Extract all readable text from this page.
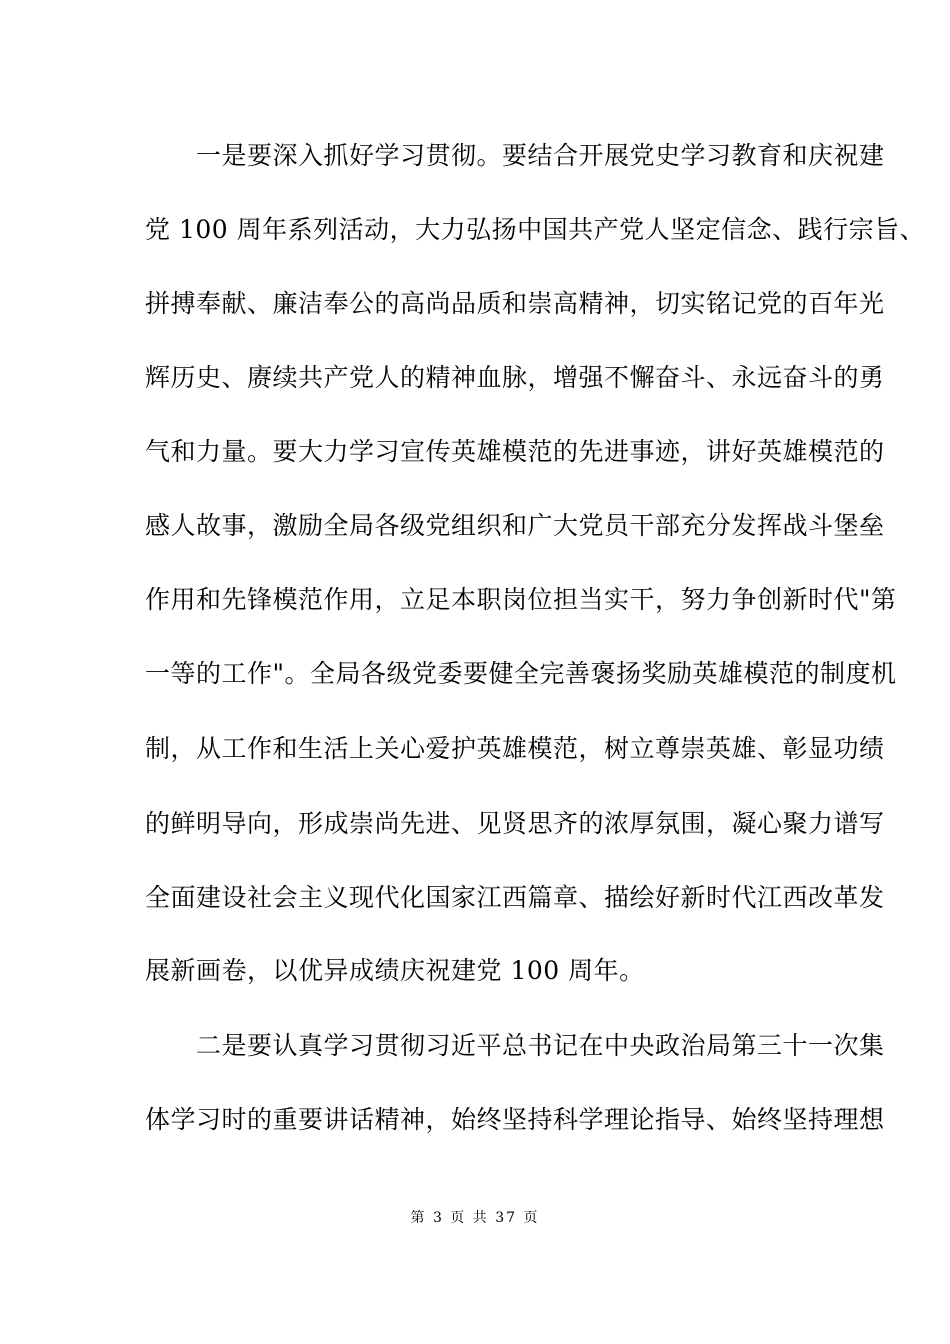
　　一是要深入抓好学习贯彻。要结合开展党史学习教育和庆祝建
党 100 周年系列活动，大力弘扬中国共产党人坚定信念、践行宗旨、
拼搏奉献、廉洁奉公的高尚品质和崇高精神，切实铭记党的百年光
辉历史、赓续共产党人的精神血脉，增强不懈奋斗、永远奋斗的勇
气和力量。要大力学习宣传英雄模范的先进事迹，讲好英雄模范的
感人故事，激励全局各级党组织和广大党员干部充分发挥战斗堡垒
作用和先锋模范作用，立足本职岗位担当实干，努力争创新时代"第
一等的工作"。全局各级党委要健全完善褒扬奖励英雄模范的制度机
制，从工作和生活上关心爱护英雄模范，树立尊崇英雄、彰显功绩
的鲜明导向，形成崇尚先进、见贤思齐的浓厚氛围，凝心聚力谱写
全面建设社会主义现代化国家江西篇章、描绘好新时代江西改革发
展新画卷，以优异成绩庆祝建党 100 周年。
　　二是要认真学习贯彻习近平总书记在中央政治局第三十一次集
体学习时的重要讲话精神，始终坚持科学理论指导、始终坚持理想
第 3 页 共 37 页
